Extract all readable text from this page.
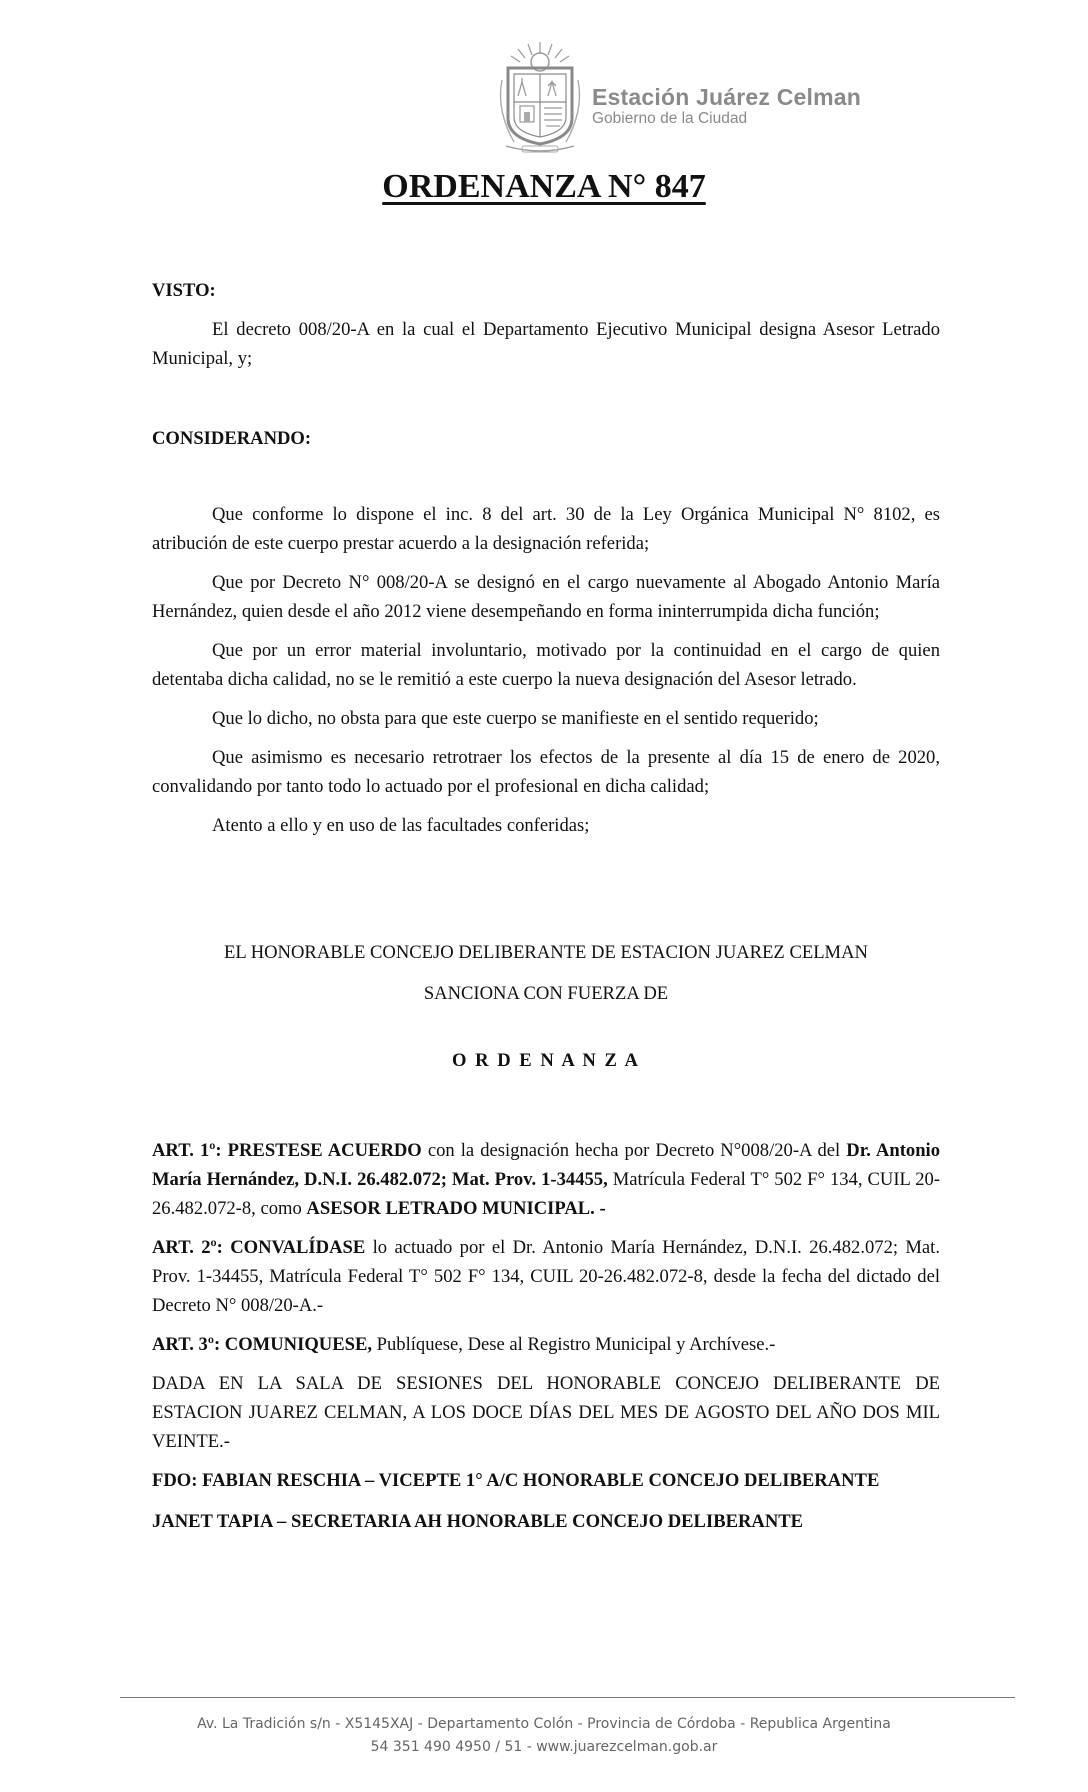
Estación Juárez Celman
Gobierno de la Ciudad
ORDENANZA N° 847
VISTO:

El decreto 008/20-A en la cual el Departamento Ejecutivo Municipal designa Asesor Letrado Municipal, y;

CONSIDERANDO:

Que conforme lo dispone el inc. 8 del art. 30 de la Ley Orgánica Municipal N° 8102, es atribución de este cuerpo prestar acuerdo a la designación referida;

Que por Decreto N° 008/20-A se designó en el cargo nuevamente al Abogado Antonio María Hernández, quien desde el año 2012 viene desempeñando en forma ininterrumpida dicha función;

Que por un error material involuntario, motivado por la continuidad en el cargo de quien detentaba dicha calidad, no se le remitió a este cuerpo la nueva designación del Asesor letrado.

Que lo dicho, no obsta para que este cuerpo se manifieste en el sentido requerido;

Que asimismo es necesario retrotraer los efectos de la presente al día 15 de enero de 2020, convalidando por tanto todo lo actuado por el profesional en dicha calidad;

Atento a ello y en uso de las facultades conferidas;

EL HONORABLE CONCEJO DELIBERANTE DE ESTACION JUAREZ CELMAN

SANCIONA CON FUERZA DE

O R D E N A N Z A

ART. 1º: PRESTESE ACUERDO con la designación hecha por Decreto N°008/20-A del Dr. Antonio María Hernández, D.N.I. 26.482.072; Mat. Prov. 1-34455, Matrícula Federal T° 502 F° 134, CUIL 20-26.482.072-8, como ASESOR LETRADO MUNICIPAL. -

ART. 2º: CONVALÍDASE lo actuado por el Dr. Antonio María Hernández, D.N.I. 26.482.072; Mat. Prov. 1-34455, Matrícula Federal T° 502 F° 134, CUIL 20-26.482.072-8, desde la fecha del dictado del Decreto N° 008/20-A.-

ART. 3º: COMUNIQUESE, Publíquese, Dese al Registro Municipal y Archívese.-

DADA EN LA SALA DE SESIONES DEL HONORABLE CONCEJO DELIBERANTE DE ESTACION JUAREZ CELMAN, A LOS DOCE DÍAS DEL MES DE AGOSTO DEL AÑO DOS MIL VEINTE.-

FDO: FABIAN RESCHIA – VICEPTE 1° A/C HONORABLE CONCEJO DELIBERANTE

JANET TAPIA – SECRETARIA AH HONORABLE CONCEJO DELIBERANTE

Av. La Tradición s/n - X5145XAJ - Departamento Colón - Provincia de Córdoba - Republica Argentina
54 351 490 4950 / 51 - www.juarezcelman.gob.ar
